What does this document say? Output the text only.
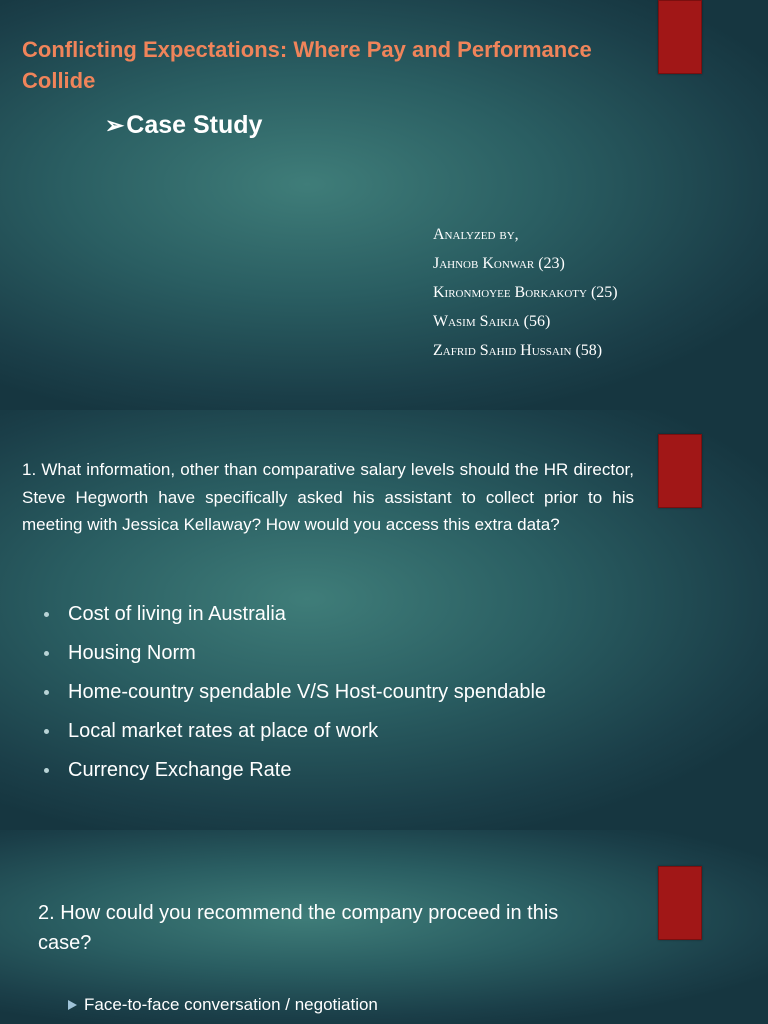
Conflicting Expectations: Where Pay and Performance Collide
➢Case Study
Analyzed by,
Jahnob Konwar (23)
Kironmoyee Borkakoty (25)
Wasim Saikia (56)
Zafrid Sahid Hussain (58)
1. What information, other than comparative salary levels should the HR director, Steve Hegworth have specifically asked his assistant to collect prior to his meeting with Jessica Kellaway? How would you access this extra data?
Cost of living in Australia
Housing Norm
Home-country spendable V/S Host-country spendable
Local market rates at place of work
Currency Exchange Rate
2. How could you recommend the company proceed in this case?
Face-to-face conversation / negotiation
